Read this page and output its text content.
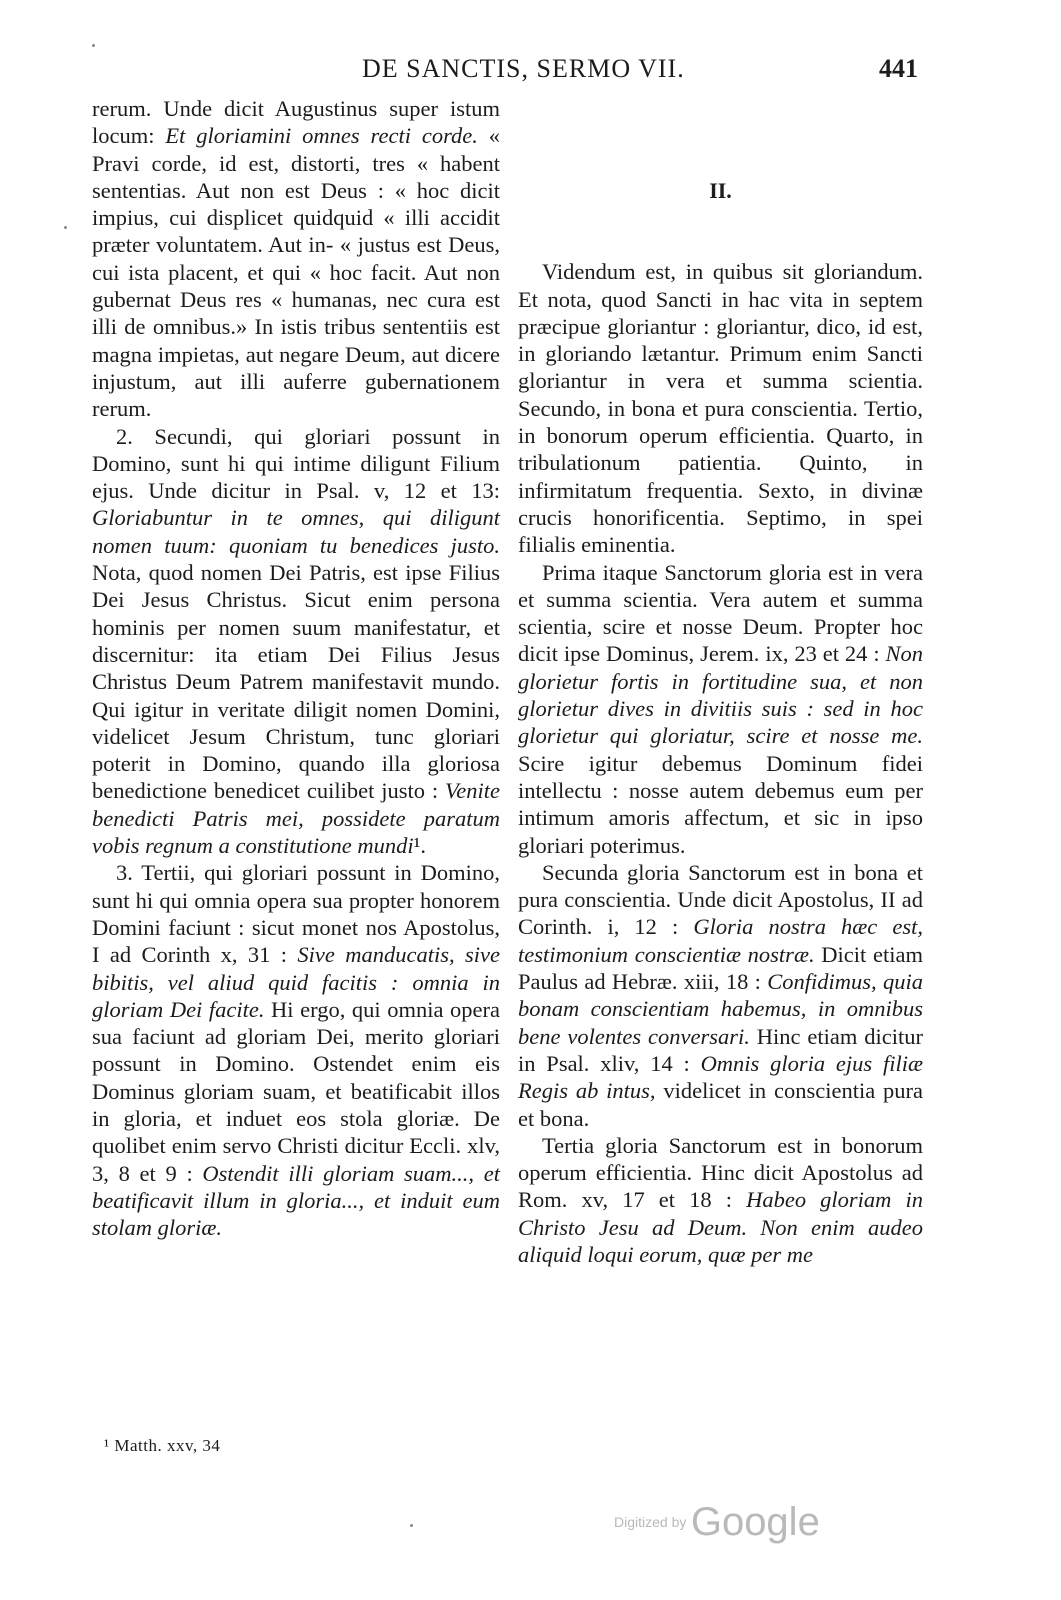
DE SANCTIS, SERMO VII.	441

rerum. Unde dicit Augustinus super istum locum: Et gloriamini omnes recti corde. « Pravi corde, id est, distorti, tres « habent sententias. Aut non est Deus : « hoc dicit impius, cui displicet quidquid « illi accidit præter voluntatem. Aut in- « justus est Deus, cui ista placent, et qui « hoc facit. Aut non gubernat Deus res « humanas, nec cura est illi de omnibus.» In istis tribus sententiis est magna impietas, aut negare Deum, aut dicere injustum, aut illi auferre gubernationem rerum.

2. Secundi, qui gloriari possunt in Domino, sunt hi qui intime diligunt Filium ejus. Unde dicitur in Psal. v, 12 et 13: Gloriabuntur in te omnes, qui diligunt nomen tuum: quoniam tu benedices justo. Nota, quod nomen Dei Patris, est ipse Filius Dei Jesus Christus. Sicut enim persona hominis per nomen suum manifestatur, et discernitur: ita etiam Dei Filius Jesus Christus Deum Patrem manifestavit mundo. Qui igitur in veritate diligit nomen Domini, videlicet Jesum Christum, tunc gloriari poterit in Domino, quando illa gloriosa benedictione benedicet cuilibet justo : Venite benedicti Patris mei, possidete paratum vobis regnum a constitutione mundi¹.

3. Tertii, qui gloriari possunt in Domino, sunt hi qui omnia opera sua propter honorem Domini faciunt : sicut monet nos Apostolus, I ad Corinth x, 31 : Sive manducatis, sive bibitis, vel aliud quid facitis : omnia in gloriam Dei facite. Hi ergo, qui omnia opera sua faciunt ad gloriam Dei, merito gloriari possunt in Domino. Ostendet enim eis Dominus gloriam suam, et beatificabit illos in gloria, et induet eos stola gloriæ. De quolibet enim servo Christi dicitur Eccli. xlv, 3, 8 et 9 : Ostendit illi gloriam suam..., et beatificavit illum in gloria..., et induit eum stolam gloriæ.

II.

Videndum est, in quibus sit gloriandum. Et nota, quod Sancti in hac vita in septem præcipue gloriantur : gloriantur, dico, id est, in gloriando lætantur. Primum enim Sancti gloriantur in vera et summa scientia. Secundo, in bona et pura conscientia. Tertio, in bonorum operum efficientia. Quarto, in tribulationum patientia. Quinto, in infirmitatum frequentia. Sexto, in divinæ crucis honorificentia. Septimo, in spei filialis eminentia.

Prima itaque Sanctorum gloria est in vera et summa scientia. Vera autem et summa scientia, scire et nosse Deum. Propter hoc dicit ipse Dominus, Jerem. ix, 23 et 24 : Non glorietur fortis in fortitudine sua, et non glorietur dives in divitiis suis : sed in hoc glorietur qui gloriatur, scire et nosse me. Scire igitur debemus Dominum fidei intellectu : nosse autem debemus eum per intimum amoris affectum, et sic in ipso gloriari poterimus.

Secunda gloria Sanctorum est in bona et pura conscientia. Unde dicit Apostolus, II ad Corinth. i, 12 : Gloria nostra hæc est, testimonium conscientiæ nostræ. Dicit etiam Paulus ad Hebræ. xiii, 18 : Confidimus, quia bonam conscientiam habemus, in omnibus bene volentes conversari. Hinc etiam dicitur in Psal. xliv, 14 : Omnis gloria ejus filiæ Regis ab intus, videlicet in conscientia pura et bona.

Tertia gloria Sanctorum est in bonorum operum efficientia. Hinc dicit Apostolus ad Rom. xv, 17 et 18 : Habeo gloriam in Christo Jesu ad Deum. Non enim audeo aliquid loqui eorum, quæ per me

¹ Matth. xxv, 34
Digitized by Google
